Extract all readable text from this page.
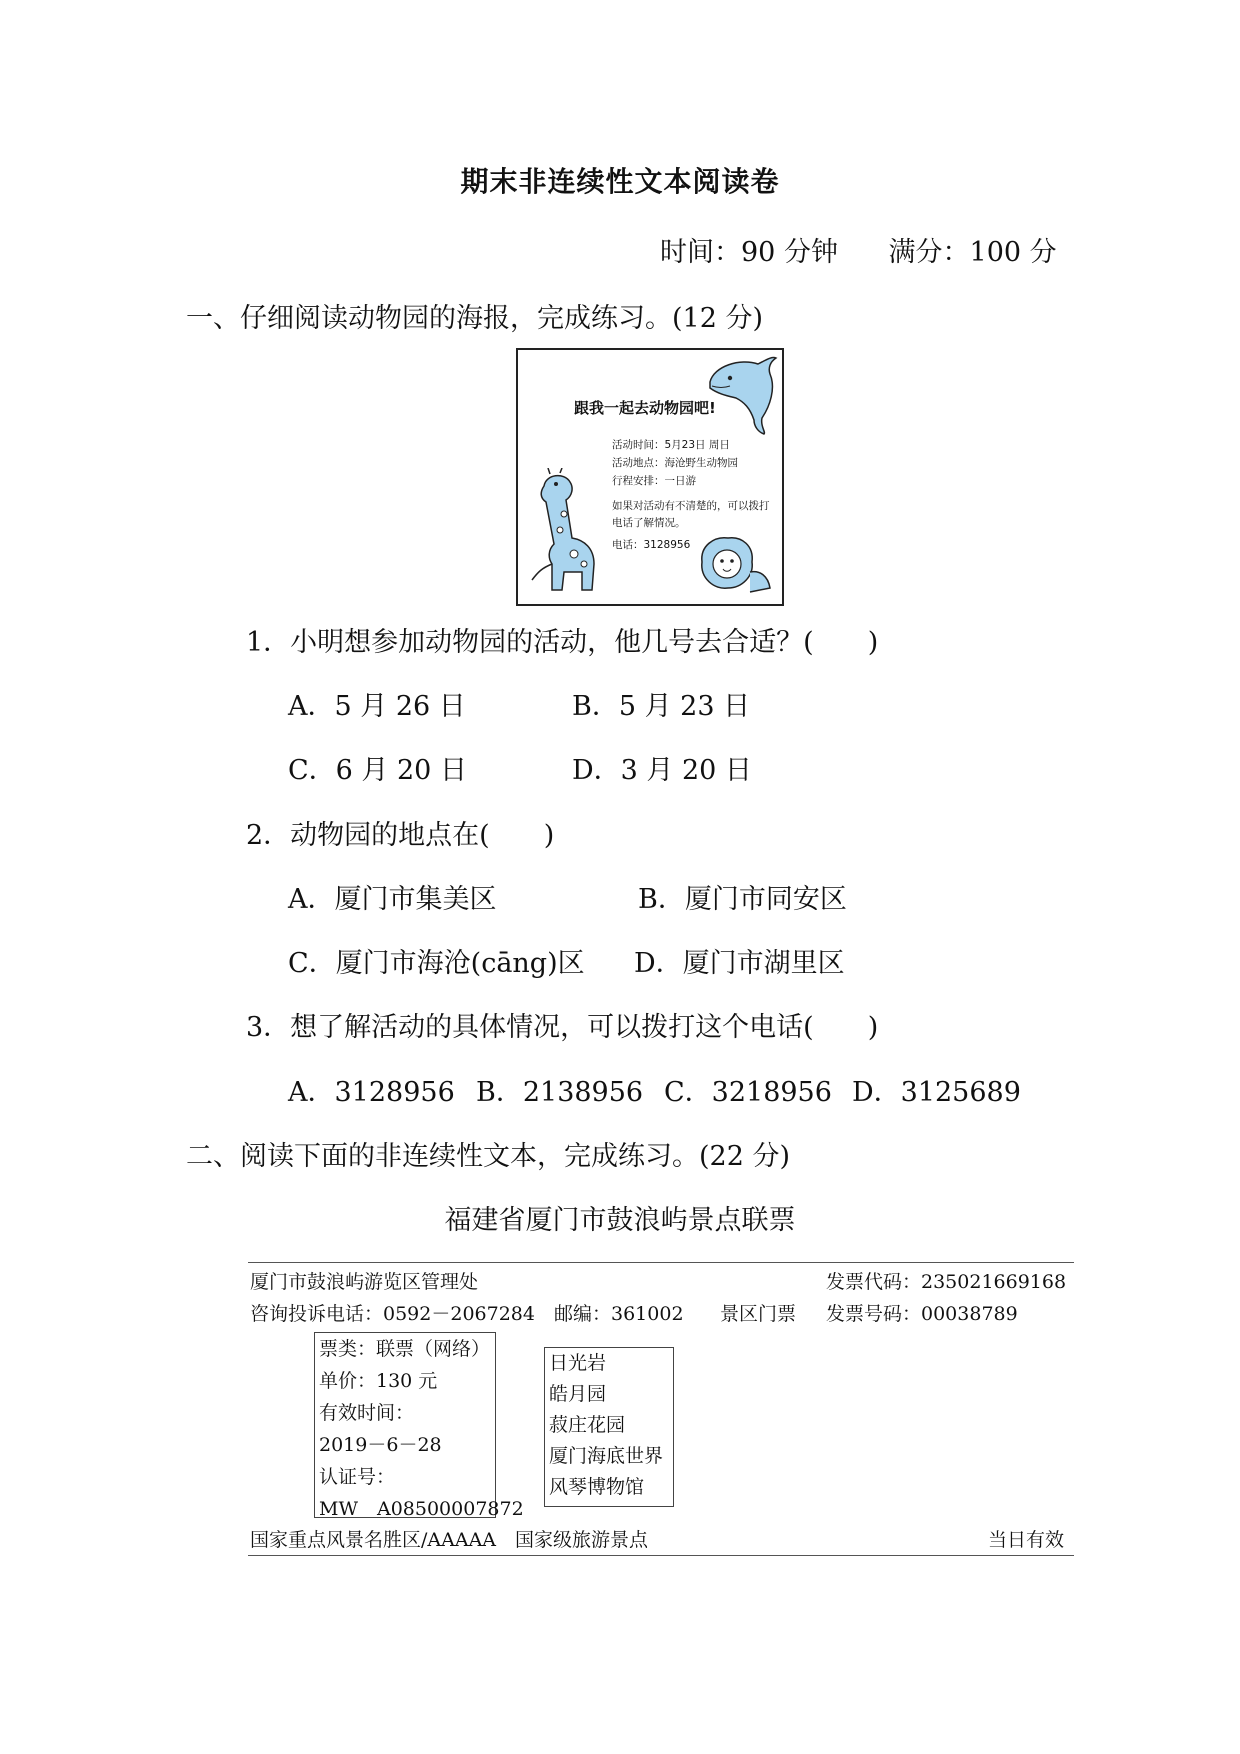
期末非连续性文本阅读卷
时间：90 分钟 满分：100 分
一、仔细阅读动物园的海报，完成练习。(12 分)
跟我一起去动物园吧!
活动时间：5月23日 周日
活动地点：海沧野生动物园
行程安排：一日游
如果对活动有不清楚的，可以拨打电话了解情况。
电话：3128956
1．小明想参加动物园的活动，他几号去合适？(　　)
A．5 月 26 日	B．5 月 23 日
C．6 月 20 日	D．3 月 20 日
2．动物园的地点在(　　)
A．厦门市集美区	B．厦门市同安区
C．厦门市海沧(cāng)区 D．厦门市湖里区
3．想了解活动的具体情况，可以拨打这个电话(　　)
A．3128956 B．2138956 C．3218956 D．3125689
二、阅读下面的非连续性文本，完成练习。(22 分)
福建省厦门市鼓浪屿景点联票
厦门市鼓浪屿游览区管理处	发票代码：235021669168
咨询投诉电话：0592－2067284 邮编：361002 景区门票 发票号码：00038789
票类：联票（网络）
单价：130 元
有效时间：
2019－6－28
认证号：
MW　A08500007872
日光岩
皓月园
菽庄花园
厦门海底世界
风琴博物馆
国家重点风景名胜区/AAAAA　国家级旅游景点	当日有效
